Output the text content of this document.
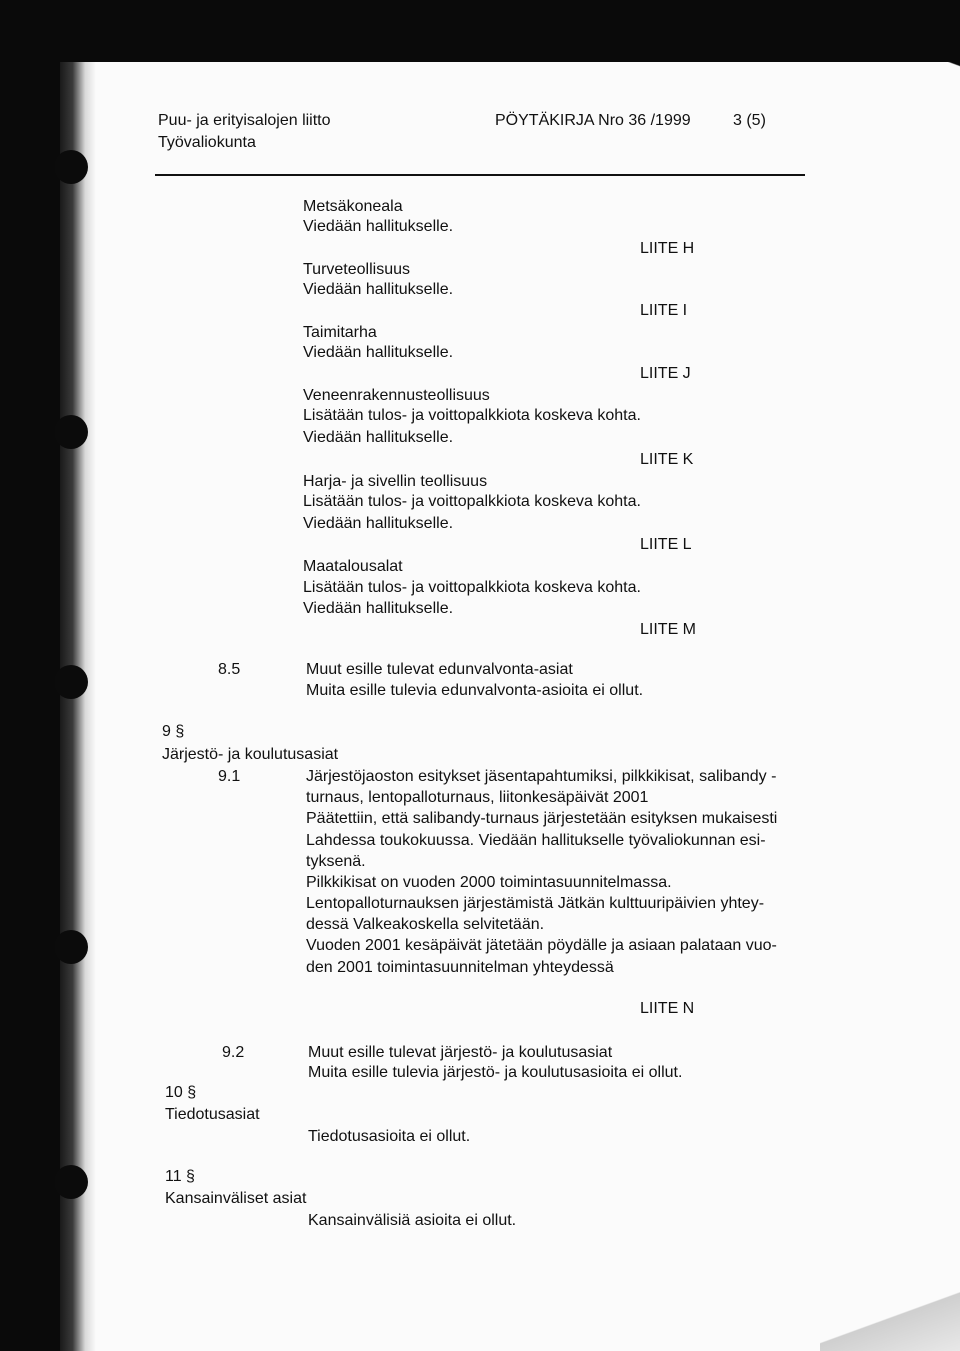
Puu- ja erityisalojen liitto
Työvaliokunta
PÖYTÄKIRJA Nro 36 /1999	3 (5)
Metsäkoneala
Viedään hallitukselle.
LIITE H
Turveteollisuus
Viedään hallitukselle.
LIITE I
Taimitarha
Viedään hallitukselle.
LIITE J
Veneenrakennusteollisuus
Lisätään tulos- ja voittopalkkiota koskeva kohta.
Viedään hallitukselle.
LIITE K
Harja- ja sivellin teollisuus
Lisätään tulos- ja voittopalkkiota koskeva kohta.
Viedään hallitukselle.
LIITE L
Maatalousalat
Lisätään tulos- ja voittopalkkiota koskeva kohta.
Viedään hallitukselle.
LIITE M
8.5	Muut esille tulevat edunvalvonta-asiat
Muita esille tulevia edunvalvonta-asioita ei ollut.
9 §
Järjestö- ja koulutusasiat
9.1	Järjestöjaoston esitykset jäsentapahtumiksi, pilkkikisat, salibandy -
turnaus, lentopalloturnaus, liitonkesäpäivät 2001
Päätettiin, että salibandy-turnaus järjestetään esityksen mukaisesti
Lahdessa toukokuussa. Viedään hallitukselle työvaliokunnan esi-
tyksenä.
Pilkkikisat on vuoden 2000 toimintasuunnitelmassa.
Lentopalloturnauksen järjestämistä Jätkän kulttuuripäivien yhtey-
dessä Valkeakoskella selvitetään.
Vuoden 2001 kesäpäivät jätetään pöydälle ja asiaan palataan vuo-
den 2001 toimintasuunnitelman yhteydessä
LIITE N
9.2	Muut esille tulevat järjestö- ja koulutusasiat
Muita esille tulevia järjestö- ja koulutusasioita ei ollut.
10 §
Tiedotusasiat
Tiedotusasioita ei ollut.
11 §
Kansainväliset asiat
Kansainvälisiä asioita ei ollut.
